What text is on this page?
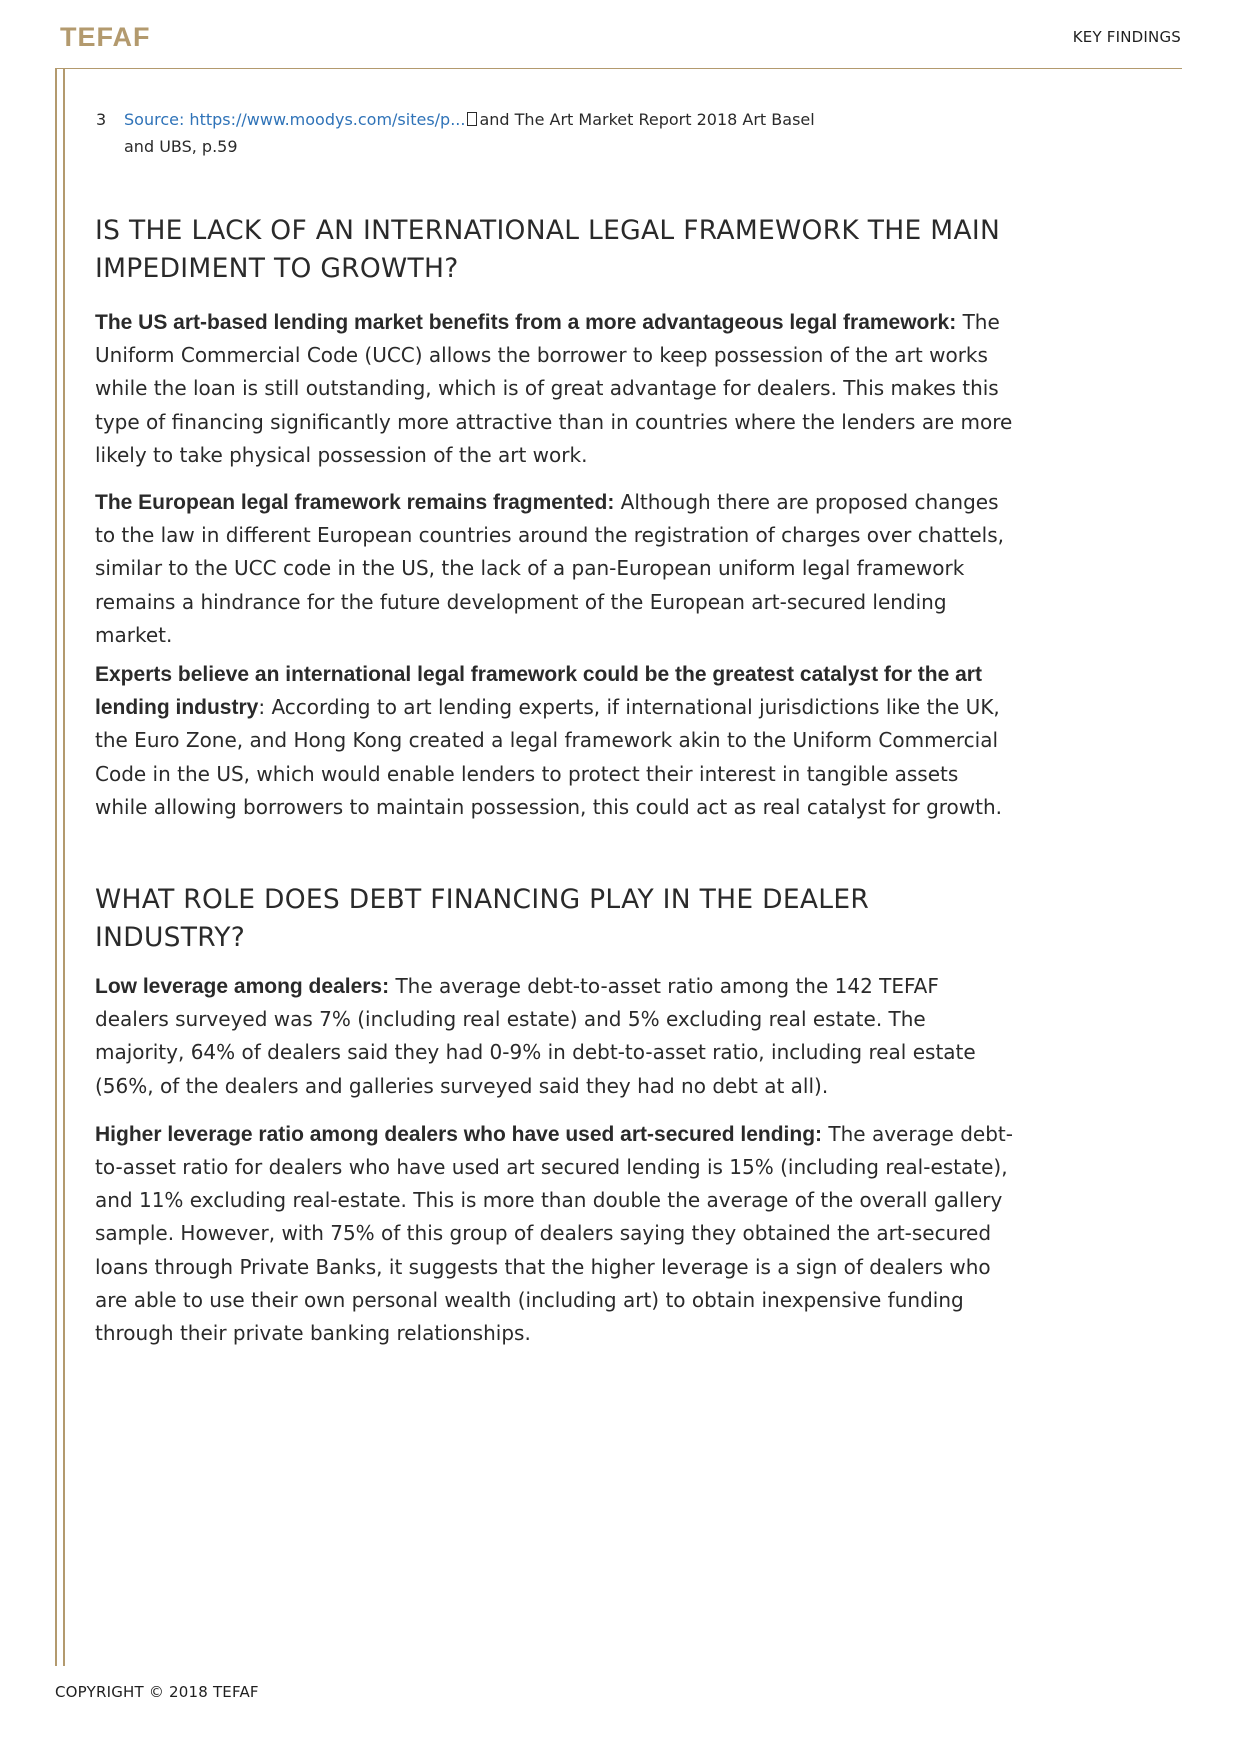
TEFAF	KEY FINDINGS
3 Source: https://www.moodys.com/sites/p... and The Art Market Report 2018 Art Basel and UBS, p.59
IS THE LACK OF AN INTERNATIONAL LEGAL FRAMEWORK THE MAIN IMPEDIMENT TO GROWTH?

The US art-based lending market benefits from a more advantageous legal framework: The Uniform Commercial Code (UCC) allows the borrower to keep possession of the art works while the loan is still outstanding, which is of great advantage for dealers. This makes this type of financing significantly more attractive than in countries where the lenders are more likely to take physical possession of the art work.

The European legal framework remains fragmented: Although there are proposed changes to the law in different European countries around the registration of charges over chattels, similar to the UCC code in the US, the lack of a pan-European uniform legal framework remains a hindrance for the future development of the European art-secured lending market.

Experts believe an international legal framework could be the greatest catalyst for the art lending industry: According to art lending experts, if international jurisdictions like the UK, the Euro Zone, and Hong Kong created a legal framework akin to the Uniform Commercial Code in the US, which would enable lenders to protect their interest in tangible assets while allowing borrowers to maintain possession, this could act as real catalyst for growth.

WHAT ROLE DOES DEBT FINANCING PLAY IN THE DEALER INDUSTRY?

Low leverage among dealers: The average debt-to-asset ratio among the 142 TEFAF dealers surveyed was 7% (including real estate) and 5% excluding real estate. The majority, 64% of dealers said they had 0-9% in debt-to-asset ratio, including real estate (56%, of the dealers and galleries surveyed said they had no debt at all).

Higher leverage ratio among dealers who have used art-secured lending: The average debt-to-asset ratio for dealers who have used art secured lending is 15% (including real-estate), and 11% excluding real-estate. This is more than double the average of the overall gallery sample. However, with 75% of this group of dealers saying they obtained the art-secured loans through Private Banks, it suggests that the higher leverage is a sign of dealers who are able to use their own personal wealth (including art) to obtain inexpensive funding through their private banking relationships.

COPYRIGHT © 2018 TEFAF
